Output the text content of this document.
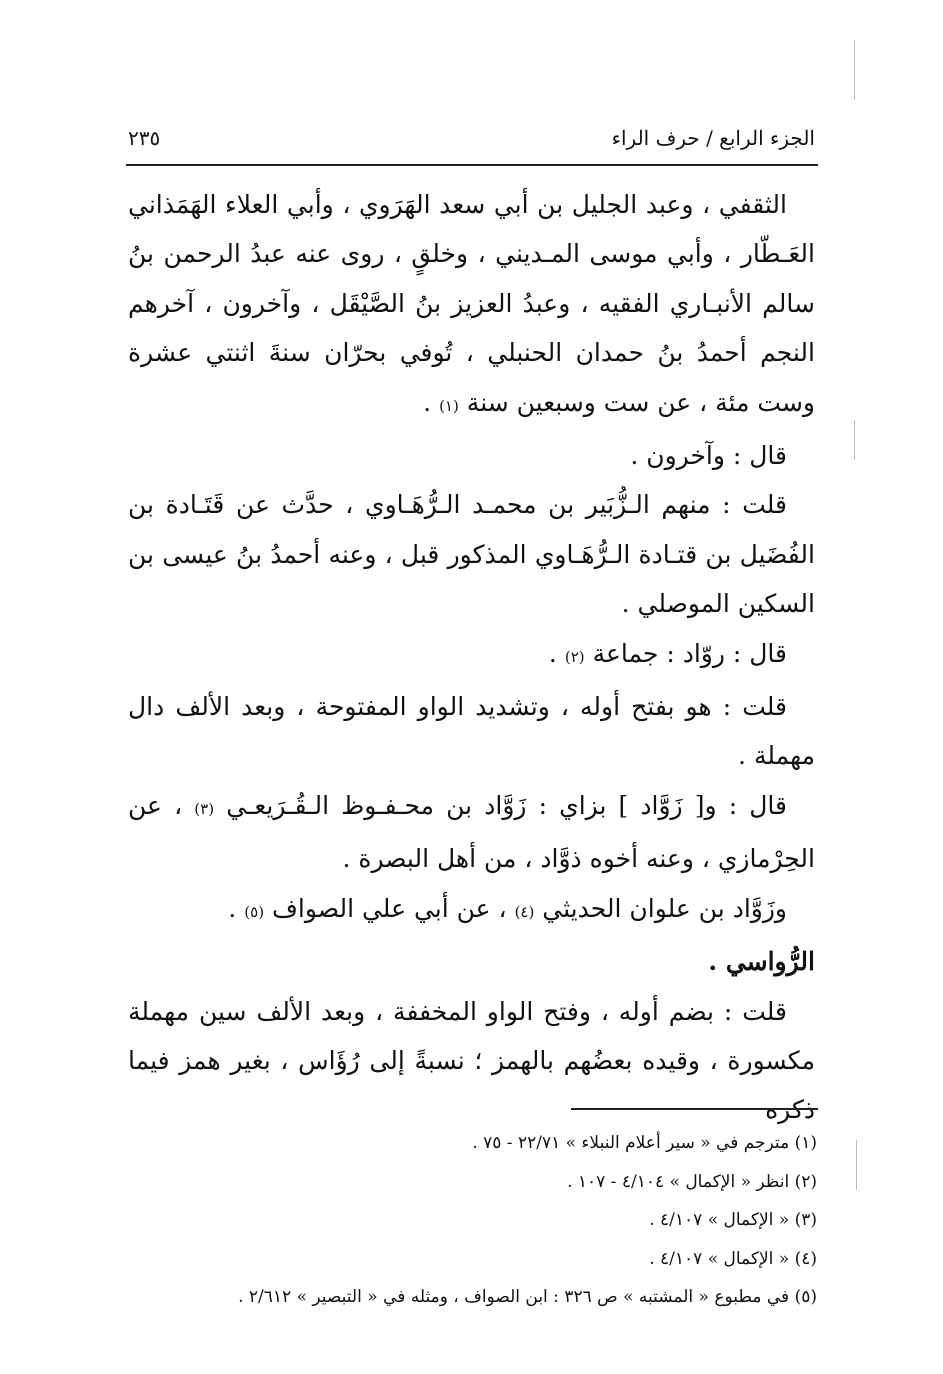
الجزء الرابع / حرف الراء
٢٣٥

الثقفي ، وعبد الجليل بن أبي سعد الهَرَوي ، وأبي العلاء الهَمَذاني العَـطّار ، وأبي موسى المـديني ، وخلقٍ ، روى عنه عبدُ الرحمن بنُ سالم الأنبـاري الفقيه ، وعبدُ العزيز بنُ الصَّيْقَل ، وآخرون ، آخرهم النجم أحمدُ بنُ حمدان الحنبلي ، تُوفي بحرّان سنةَ اثنتي عشرة وست مئة ، عن ست وسبعين سنة (١) .

قال : وآخرون .

قلت : منهم الـزُّبَير بن محمـد الـرُّهَـاوي ، حدَّث عن قَتَـادة بن الفُضَيل بن قتـادة الـرُّهَـاوي المذكور قبل ، وعنه أحمدُ بنُ عيسى بن السكين الموصلي .

قال : روّاد : جماعة (٢) .

قلت : هو بفتح أوله ، وتشديد الواو المفتوحة ، وبعد الألف دال مهملة .

قال : و[ زَوَّاد ] بزاي : زَوَّاد بن محـفـوظ الـقُـرَيعـي (٣) ، عن الحِرْمازي ، وعنه أخوه ذوَّاد ، من أهل البصرة .

وزَوَّاد بن علوان الحديثي (٤) ، عن أبي علي الصواف (٥) .

الرُّواسي .

قلت : بضم أوله ، وفتح الواو المخففة ، وبعد الألف سين مهملة مكسورة ، وقيده بعضُهم بالهمز ؛ نسبةً إلى رُؤَاس ، بغير همز فيما ذكره

(١) مترجم في « سير أعلام النبلاء » ٢٢/٧١ - ٧٥ .

(٢) انظر « الإكمال » ٤/١٠٤ - ١٠٧ .

(٣) « الإكمال » ٤/١٠٧ .

(٤) « الإكمال » ٤/١٠٧ .

(٥) في مطبوع « المشتبه » ص ٣٢٦ : ابن الصواف ، ومثله في « التبصير » ٢/٦١٢ .
